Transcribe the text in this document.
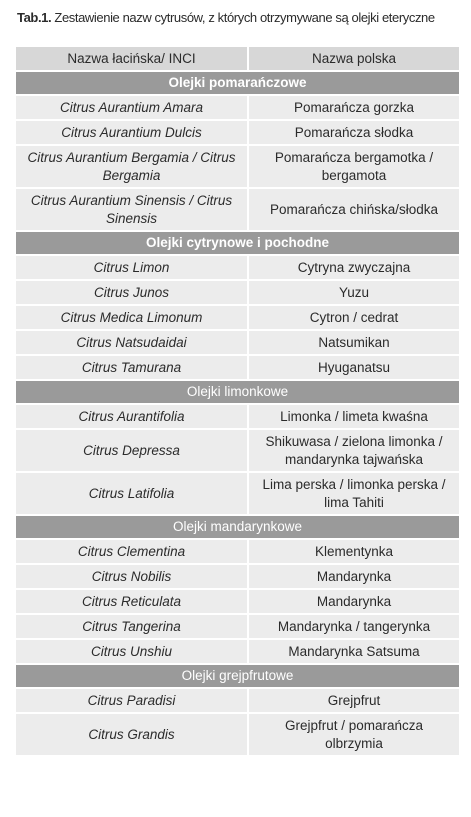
Tab.1. Zestawienie nazw cytrusów, z których otrzymywane są olejki eteryczne
Nazwa łacińska/ INCI	Nazwa polska
Olejki pomarańczowe	
Citrus Aurantium Amara	Pomarańcza gorzka
Citrus Aurantium Dulcis	Pomarańcza słodka
Citrus Aurantium Bergamia / Citrus Bergamia	Pomarańcza bergamotka / bergamota
Citrus Aurantium Sinensis / Citrus Sinensis	Pomarańcza chińska/słodka
Olejki cytrynowe i pochodne	
Citrus Limon	Cytryna zwyczajna
Citrus Junos	Yuzu
Citrus Medica Limonum	Cytron / cedrat
Citrus Natsudaidai	Natsumikan
Citrus Tamurana	Hyuganatsu
Olejki limonkowe	
Citrus Aurantifolia	Limonka / limeta kwaśna
Citrus Depressa	Shikuwasa / zielona limonka / mandarynka tajwańska
Citrus Latifolia	Lima perska / limonka perska / lima Tahiti
Olejki mandarynkowe	
Citrus Clementina	Klementynka
Citrus Nobilis	Mandarynka
Citrus Reticulata	Mandarynka
Citrus Tangerina	Mandarynka / tangerynka
Citrus Unshiu	Mandarynka Satsuma
Olejki grejpfrutowe	
Citrus Paradisi	Grejpfrut
Citrus Grandis	Grejpfrut / pomarańcza olbrzymia
